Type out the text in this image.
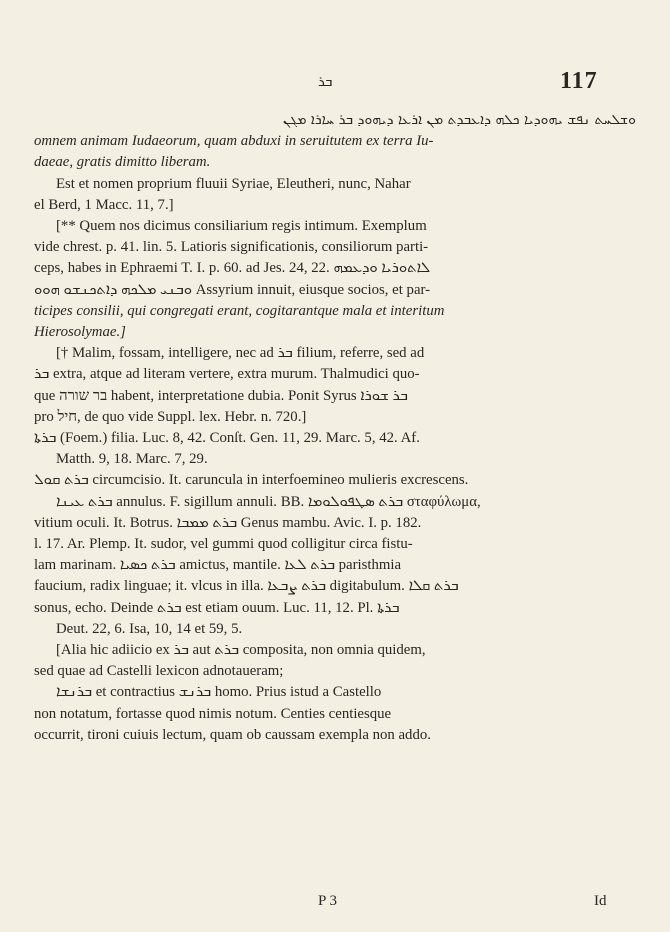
ܒܪ	117

ܘܫܠܚܬ ܢܦܫ ܝܗܘܕܝܐ ܟܠܗ ܕܐܥܒܕܬ ܡܢ ܐܪܥܐ ܕܝܗܘܕ ܒܪ ܚܐܪܐ ܡܓܢ

omnem animam Iudaeorum, quam abduxi in seruitutem ex terra Iu-

daeae, gratis dimitto liberam.

Est et nomen proprium fluuii Syriae, Eleutheri, nunc, Nahar

el Berd, 1 Macc. 11, 7.]

[** Quem nos dicimus consiliarium regis intimum. Exemplum

vide chrest. p. 41. lin. 5. Latioris significationis, consiliorum parti-

ceps, habes in Ephraemi T. I. p. 60. ad Jes. 24, 22. ܠܐܬܘܪܝܐ ܘܕܥܡܗ

ܘܒܢܝ ܡܠܟܗ ܕܐܬܟܢܫܘ ܗܘܘ Assyrium innuit, eiusque socios, et par-

ticipes consilii, qui congregati erant, cogitarantque mala et interitum

Hierosolymae.]

[† Malim, fossam, intelligere, nec ad ܒܪ filium, referre, sed ad

ܒܪ extra, atque ad literam vertere, extra murum. Thalmudici quo-

que בר שורה habent, interpretatione dubia. Ponit Syrus ܒܪ ܫܘܪܐ

pro חיל, de quo vide Suppl. lex. Hebr. n. 720.]

ܒܪܬܐ (Foem.) filia. Luc. 8, 42. Conſt. Gen. 11, 29. Marc. 5, 42. Af.

Matth. 9, 18. Marc. 7, 29.

ܒܪܬ ܩܘܠ circumcisio. It. caruncula in interfoemineo mulieris excrescens.

ܒܪܬ ܥܝܢܐ annulus. F. sigillum annuli. BB. ܒܪܬ ܣܛܦܘܠܘܡܐ σταφύλωμα,

vitium oculi. It. Botrus. ܒܪܬ ܡܡܒܐ Genus mambu. Avic. I. p. 182.

l. 17. Ar. Plemp. It. sudor, vel gummi quod colligitur circa fistu-

lam marinam. ܒܪܬ ܟܣܝܐ amictus, mantile. ܒܪܬ ܠܥܐ paristhmia

faucium, radix linguae; it. vlcus in illa. ܒܪܬ ܨܒܥܐ digitabulum. ܒܪܬ ܩܠܐ

sonus, echo. Deinde ܒܪܬ est etiam ouum. Luc. 11, 12. Pl. ܒܪܬܐ

Deut. 22, 6. Isa, 10, 14 et 59, 5.

[Alia hic adiicio ex ܒܪ aut ܒܪܬ composita, non omnia quidem,

sed quae ad Castelli lexicon adnotaueram;

ܒܪܢܫܐ et contractius ܒܪܢܫ homo. Prius istud a Castello

non notatum, fortasse quod nimis notum. Centies centiesque

occurrit, tironi cuiuis lectum, quam ob caussam exempla non addo.

P 3	Id
